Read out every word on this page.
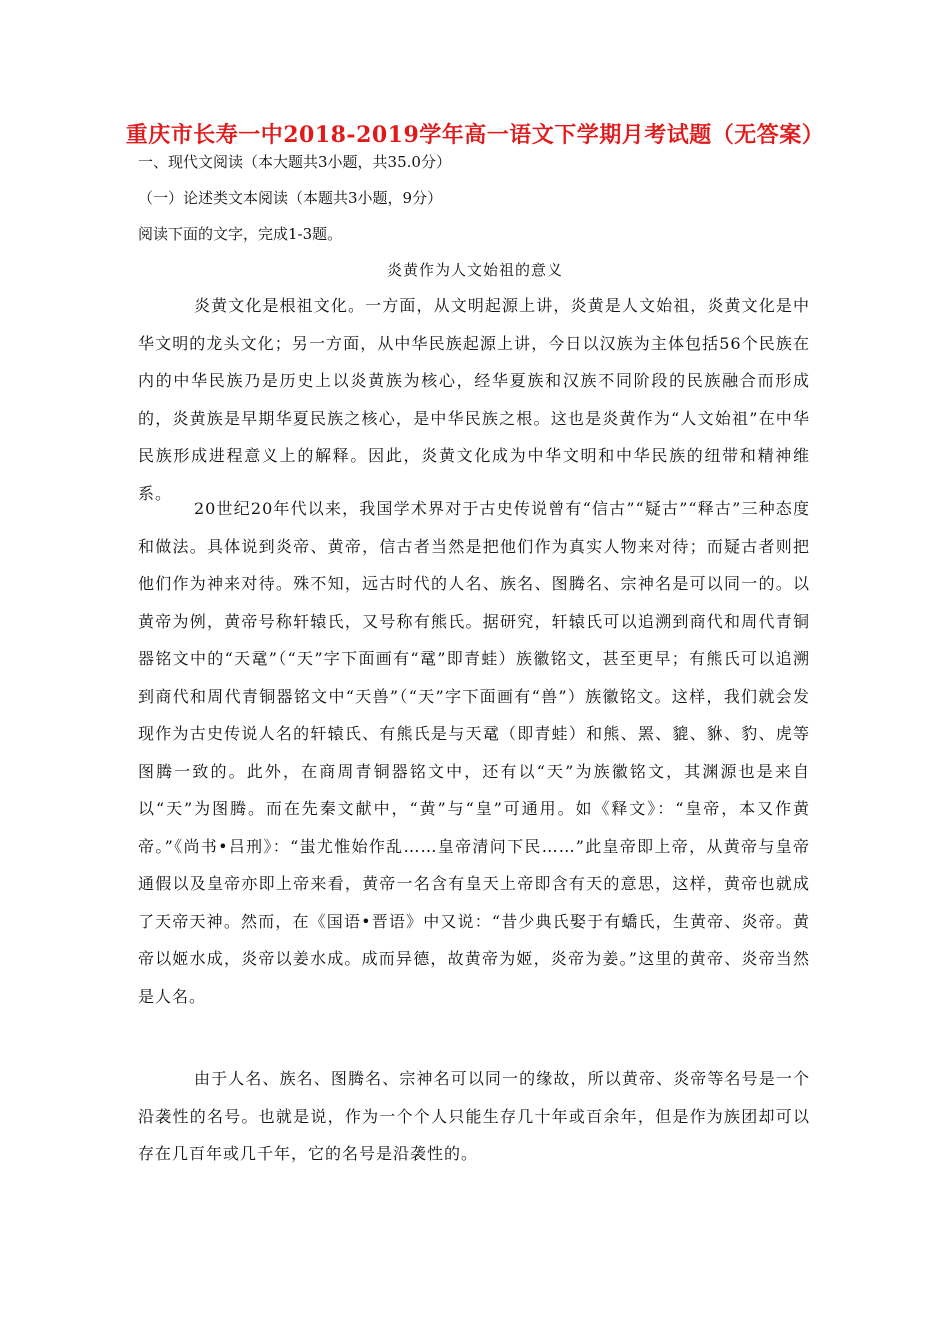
重庆市长寿一中2018-2019学年高一语文下学期月考试题（无答案）
一、现代文阅读（本大题共3小题，共35.0分）
（一）论述类文本阅读（本题共3小题，9分）
阅读下面的文字，完成1-3题。
炎黄作为人文始祖的意义

炎黄文化是根祖文化。一方面，从文明起源上讲，炎黄是人文始祖，炎黄文化是中华文明的龙头文化；另一方面，从中华民族起源上讲，今日以汉族为主体包括56个民族在内的中华民族乃是历史上以炎黄族为核心，经华夏族和汉族不同阶段的民族融合而形成的，炎黄族是早期华夏民族之核心，是中华民族之根。这也是炎黄作为“人文始祖”在中华民族形成进程意义上的解释。因此，炎黄文化成为中华文明和中华民族的纽带和精神维系。

20世纪20年代以来，我国学术界对于古史传说曾有“信古”“疑古”“释古”三种态度和做法。具体说到炎帝、黄帝，信古者当然是把他们作为真实人物来对待；而疑古者则把他们作为神来对待。殊不知，远古时代的人名、族名、图腾名、宗神名是可以同一的。以黄帝为例，黄帝号称轩辕氏，又号称有熊氏。据研究，轩辕氏可以追溯到商代和周代青铜器铭文中的“天鼋”（“天”字下面画有“鼋”即青蛙）族徽铭文，甚至更早；有熊氏可以追溯到商代和周代青铜器铭文中“天兽”（“天”字下面画有“兽”）族徽铭文。这样，我们就会发现作为古史传说人名的轩辕氏、有熊氏是与天鼋（即青蛙）和熊、罴、貔、貅、豹、虎等图腾一致的。此外，在商周青铜器铭文中，还有以“天”为族徽铭文，其渊源也是来自以“天”为图腾。而在先秦文献中，“黄”与“皇”可通用。如《释文》：“皇帝，本又作黄帝。”《尚书•吕刑》：“蚩尤惟始作乱……皇帝清问下民……”此皇帝即上帝，从黄帝与皇帝通假以及皇帝亦即上帝来看，黄帝一名含有皇天上帝即含有天的意思，这样，黄帝也就成了天帝天神。然而，在《国语•晋语》中又说：“昔少典氏娶于有蟜氏，生黄帝、炎帝。黄帝以姬水成，炎帝以姜水成。成而异德，故黄帝为姬，炎帝为姜。”这里的黄帝、炎帝当然是人名。

由于人名、族名、图腾名、宗神名可以同一的缘故，所以黄帝、炎帝等名号是一个沿袭性的名号。也就是说，作为一个个人只能生存几十年或百余年，但是作为族团却可以存在几百年或几千年，它的名号是沿袭性的。
